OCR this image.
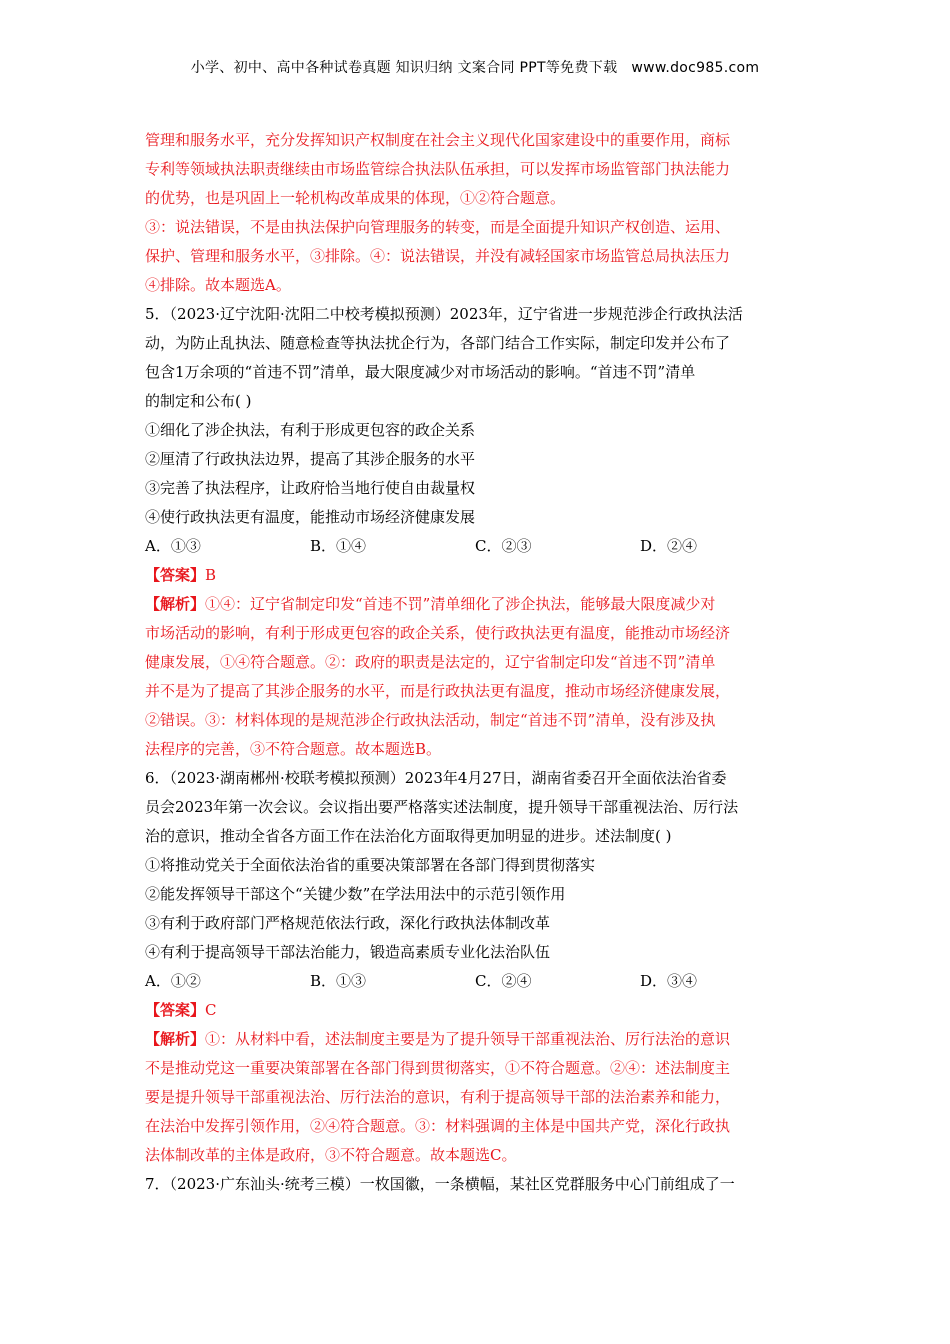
小学、初中、高中各种试卷真题 知识归纳 文案合同 PPT等免费下载 www.doc985.com
管理和服务水平，充分发挥知识产权制度在社会主义现代化国家建设中的重要作用，商标
专利等领域执法职责继续由市场监管综合执法队伍承担，可以发挥市场监管部门执法能力
的优势，也是巩固上一轮机构改革成果的体现，①②符合题意。
③：说法错误，不是由执法保护向管理服务的转变，而是全面提升知识产权创造、运用、
保护、管理和服务水平，③排除。④：说法错误，并没有减轻国家市场监管总局执法压力
④排除。故本题选A。
5．（2023·辽宁沈阳·沈阳二中校考模拟预测）2023年，辽宁省进一步规范涉企行政执法活
动，为防止乱执法、随意检查等执法扰企行为，各部门结合工作实际，制定印发并公布了
包含1万余项的“首违不罚”清单，最大限度减少对市场活动的影响。“首违不罚”清单
的制定和公布( )
①细化了涉企执法，有利于形成更包容的政企关系
②厘清了行政执法边界，提高了其涉企服务的水平
③完善了执法程序，让政府恰当地行使自由裁量权
④使行政执法更有温度，能推动市场经济健康发展
A．①③	B．①④	C．②③	D．②④
【答案】B
【解析】①④：辽宁省制定印发“首违不罚”清单细化了涉企执法，能够最大限度减少对
市场活动的影响，有利于形成更包容的政企关系，使行政执法更有温度，能推动市场经济
健康发展，①④符合题意。②：政府的职责是法定的，辽宁省制定印发“首违不罚”清单
并不是为了提高了其涉企服务的水平，而是行政执法更有温度，推动市场经济健康发展，
②错误。③：材料体现的是规范涉企行政执法活动，制定“首违不罚”清单，没有涉及执
法程序的完善，③不符合题意。故本题选B。
6．（2023·湖南郴州·校联考模拟预测）2023年4月27日，湖南省委召开全面依法治省委
员会2023年第一次会议。会议指出要严格落实述法制度，提升领导干部重视法治、厉行法
治的意识，推动全省各方面工作在法治化方面取得更加明显的进步。述法制度( )
①将推动党关于全面依法治省的重要决策部署在各部门得到贯彻落实
②能发挥领导干部这个“关键少数”在学法用法中的示范引领作用
③有利于政府部门严格规范依法行政，深化行政执法体制改革
④有利于提高领导干部法治能力，锻造高素质专业化法治队伍
A．①②	B．①③	C．②④	D．③④
【答案】C
【解析】①：从材料中看，述法制度主要是为了提升领导干部重视法治、厉行法治的意识
不是推动党这一重要决策部署在各部门得到贯彻落实，①不符合题意。②④：述法制度主
要是提升领导干部重视法治、厉行法治的意识，有利于提高领导干部的法治素养和能力，
在法治中发挥引领作用，②④符合题意。③：材料强调的主体是中国共产党，深化行政执
法体制改革的主体是政府，③不符合题意。故本题选C。
7．（2023·广东汕头·统考三模）一枚国徽，一条横幅，某社区党群服务中心门前组成了一
